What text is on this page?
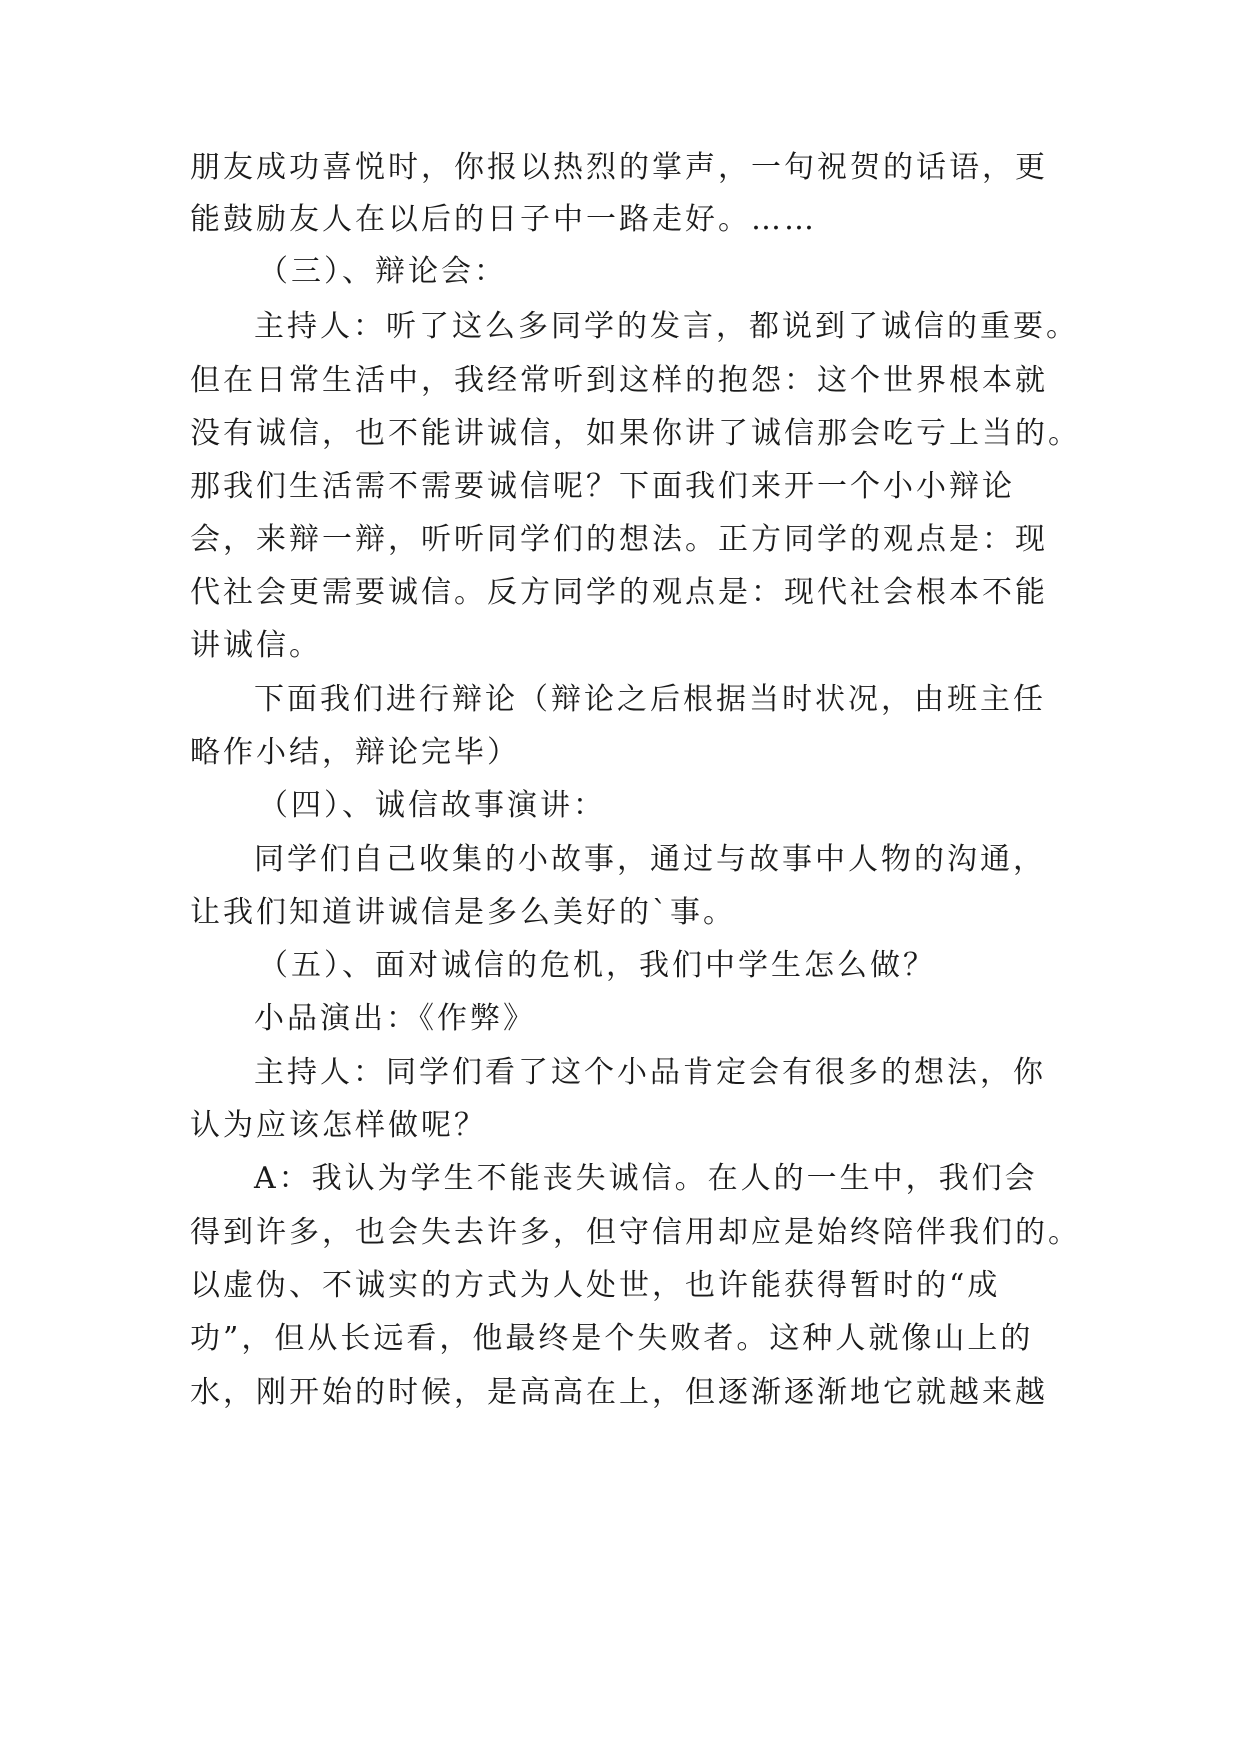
朋友成功喜悦时，你报以热烈的掌声，一句祝贺的话语，更
能鼓励友人在以后的日子中一路走好。……
（三）、辩论会：
主持人：听了这么多同学的发言，都说到了诚信的重要。
但在日常生活中，我经常听到这样的抱怨：这个世界根本就
没有诚信，也不能讲诚信，如果你讲了诚信那会吃亏上当的。
那我们生活需不需要诚信呢？下面我们来开一个小小辩论
会，来辩一辩，听听同学们的想法。正方同学的观点是：现
代社会更需要诚信。反方同学的观点是：现代社会根本不能
讲诚信。
下面我们进行辩论（辩论之后根据当时状况，由班主任
略作小结，辩论完毕）
（四）、诚信故事演讲：
同学们自己收集的小故事，通过与故事中人物的沟通，
让我们知道讲诚信是多么美好的`事。
（五）、面对诚信的危机，我们中学生怎么做？
小品演出：《作弊》
主持人：同学们看了这个小品肯定会有很多的想法，你
认为应该怎样做呢？
A：我认为学生不能丧失诚信。在人的一生中，我们会
得到许多，也会失去许多，但守信用却应是始终陪伴我们的。
以虚伪、不诚实的方式为人处世，也许能获得暂时的“成
功”，但从长远看，他最终是个失败者。这种人就像山上的
水，刚开始的时候，是高高在上，但逐渐逐渐地它就越来越
